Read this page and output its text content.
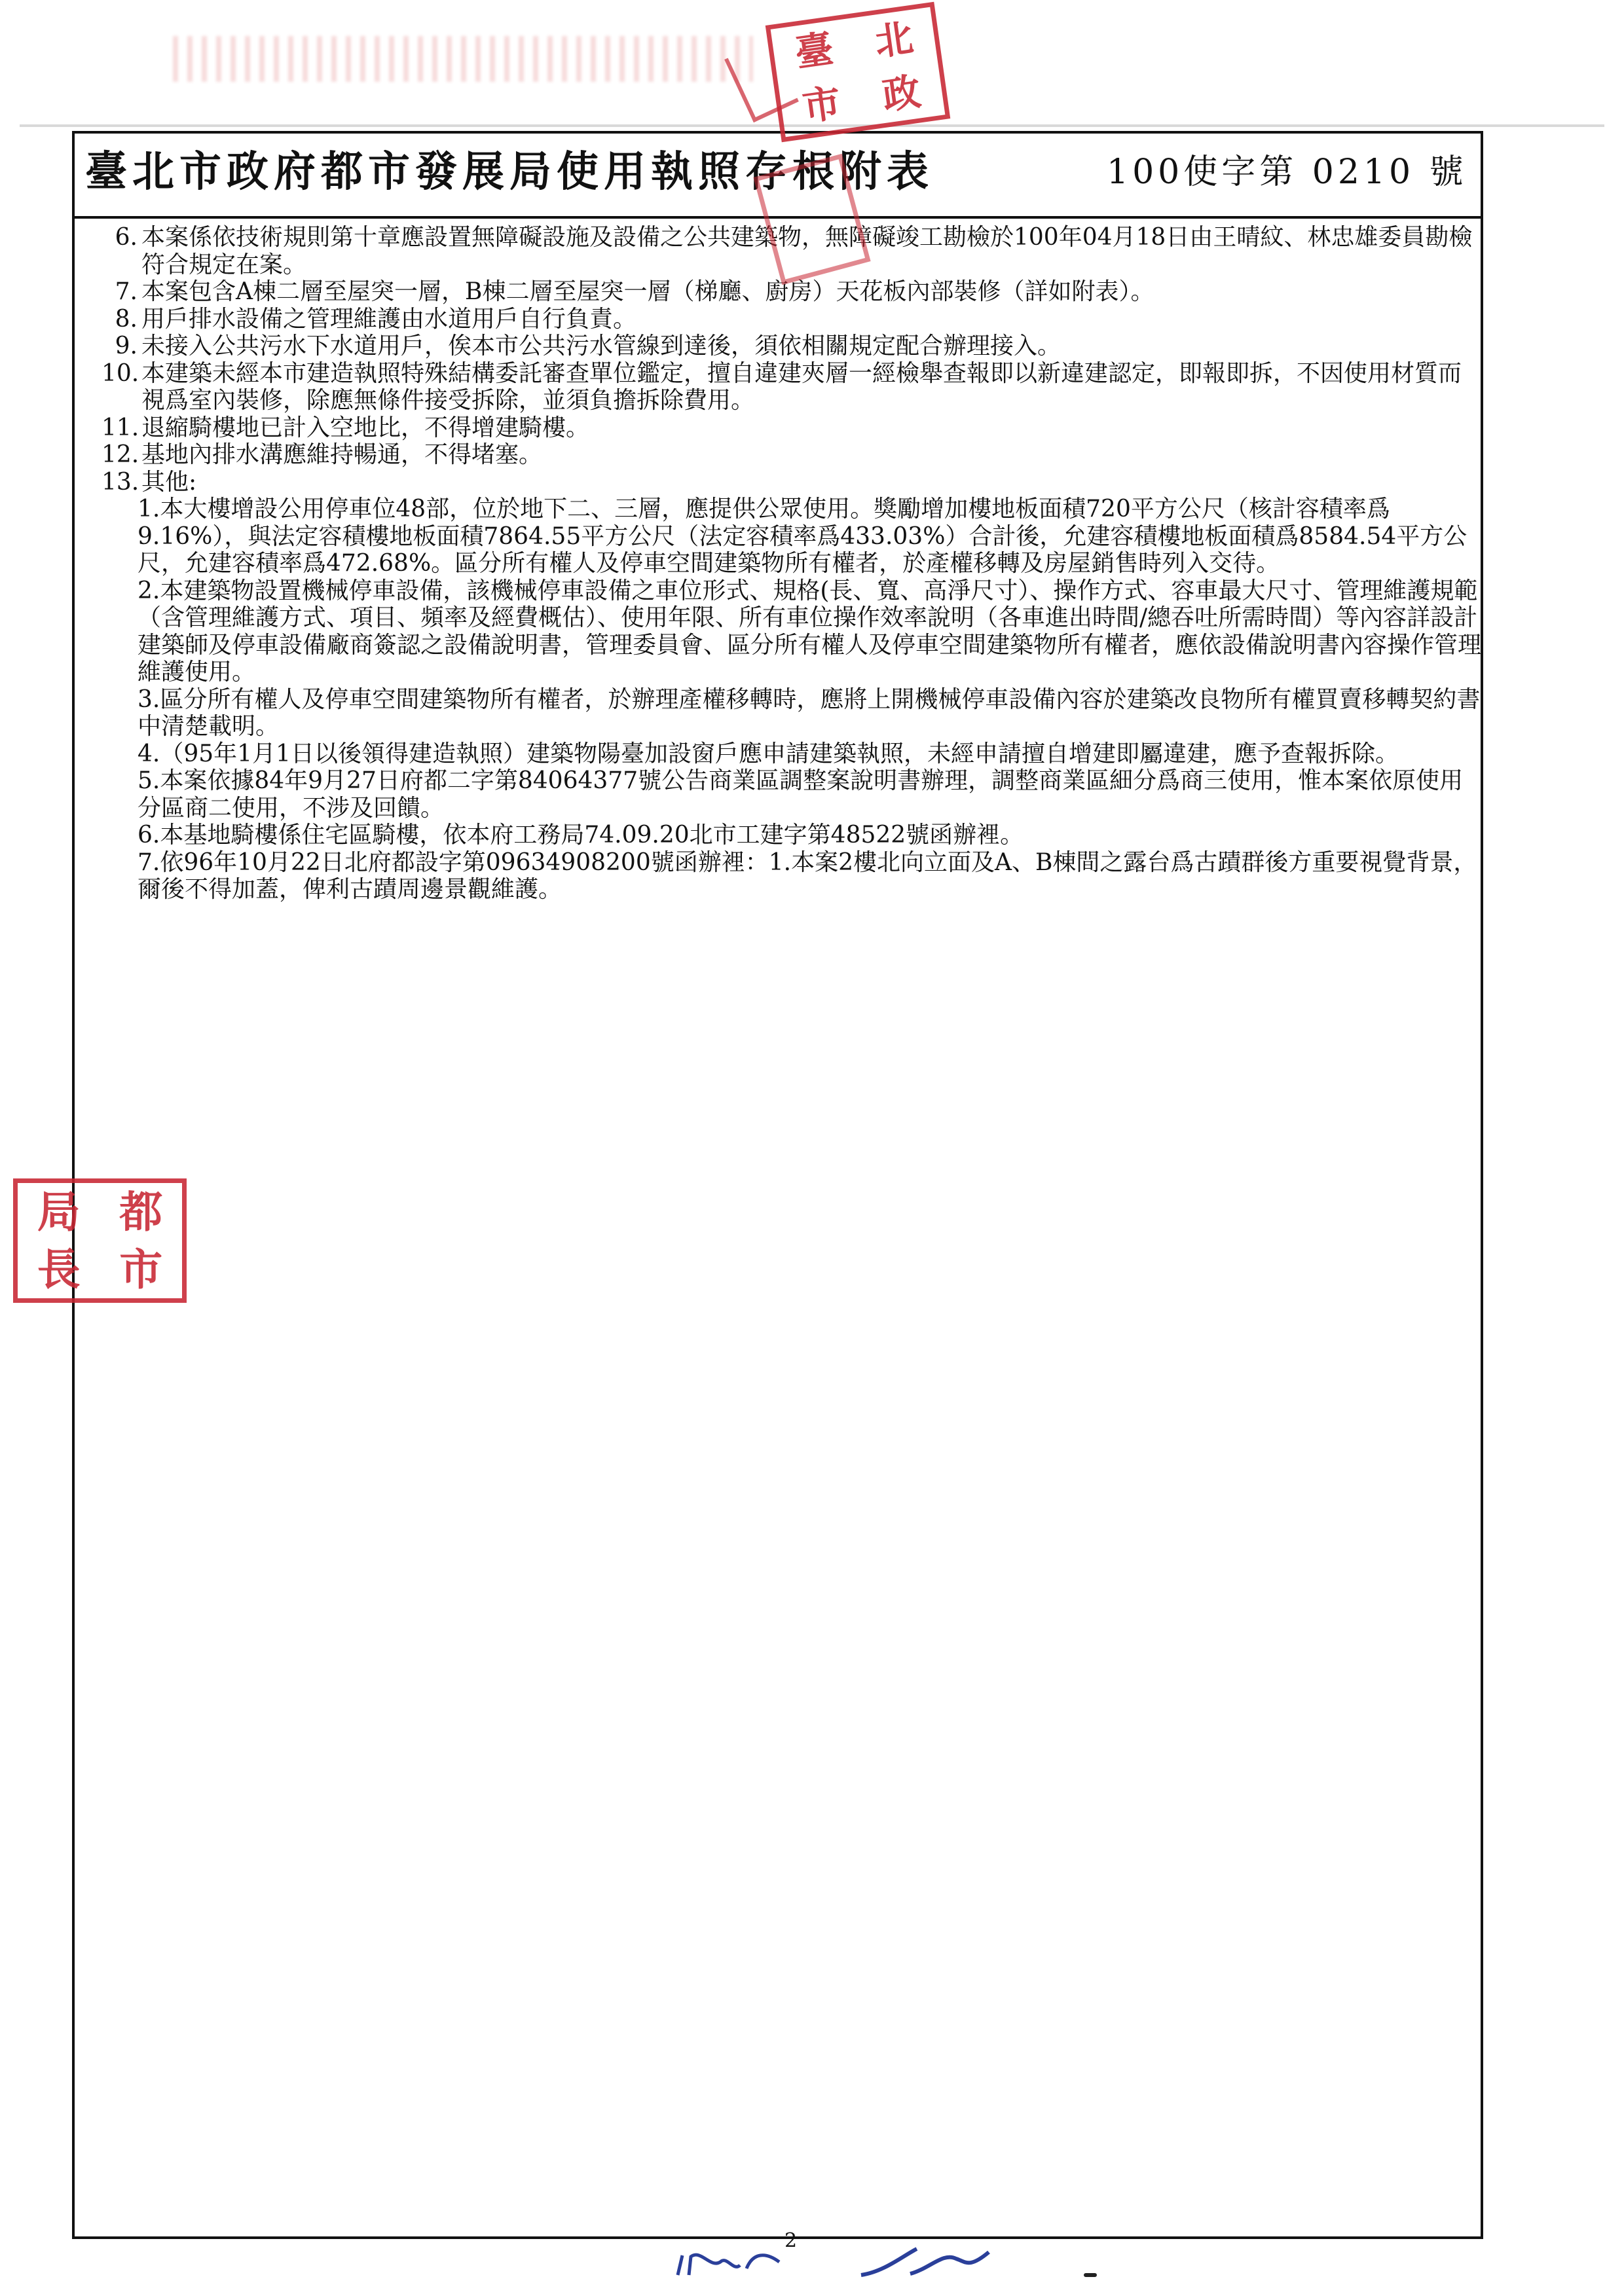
臺北市政府都市發展局使用執照存根附表	100使字第 0210 號
6. 本案係依技術規則第十章應設置無障礙設施及設備之公共建築物，無障礙竣工勘檢於100年04月18日由王晴紋、林忠雄委員勘檢符合規定在案。
7. 本案包含A棟二層至屋突一層，B棟二層至屋突一層（梯廳、廚房）天花板內部裝修（詳如附表）。
8. 用戶排水設備之管理維護由水道用戶自行負責。
9. 未接入公共污水下水道用戶，俟本市公共污水管線到達後，須依相關規定配合辦理接入。
10. 本建築未經本市建造執照特殊結構委託審查單位鑑定，擅自違建夾層一經檢舉查報即以新違建認定，即報即拆，不因使用材質而視爲室內裝修，除應無條件接受拆除，並須負擔拆除費用。
11. 退縮騎樓地已計入空地比，不得增建騎樓。
12. 基地內排水溝應維持暢通，不得堵塞。
13. 其他:
1.本大樓增設公用停車位48部，位於地下二、三層，應提供公眾使用。獎勵增加樓地板面積720平方公尺（核計容積率爲9.16%），與法定容積樓地板面積7864.55平方公尺（法定容積率爲433.03%）合計後，允建容積樓地板面積爲8584.54平方公尺，允建容積率爲472.68%。區分所有權人及停車空間建築物所有權者，於產權移轉及房屋銷售時列入交待。
2.本建築物設置機械停車設備，該機械停車設備之車位形式、規格(長、寬、高淨尺寸）、操作方式、容車最大尺寸、管理維護規範（含管理維護方式、項目、頻率及經費概估）、使用年限、所有車位操作效率說明（各車進出時間/總吞吐所需時間）等內容詳設計建築師及停車設備廠商簽認之設備說明書，管理委員會、區分所有權人及停車空間建築物所有權者，應依設備說明書內容操作管理維護使用。
3.區分所有權人及停車空間建築物所有權者，於辦理產權移轉時，應將上開機械停車設備內容於建築改良物所有權買賣移轉契約書中清楚載明。
4.（95年1月1日以後領得建造執照）建築物陽臺加設窗戶應申請建築執照，未經申請擅自增建即屬違建，應予查報拆除。
5.本案依據84年9月27日府都二字第84064377號公告商業區調整案說明書辦理，調整商業區細分爲商三使用，惟本案依原使用分區商二使用，不涉及回饋。
6.本基地騎樓係住宅區騎樓，依本府工務局74.09.20北市工建字第48522號函辦裡。
7.依96年10月22日北府都設字第09634908200號函辦裡：1.本案2樓北向立面及A、B棟間之露台爲古蹟群後方重要視覺背景，爾後不得加蓋，俾利古蹟周邊景觀維護。
臺 北
市 政
局 都
長 市
2
